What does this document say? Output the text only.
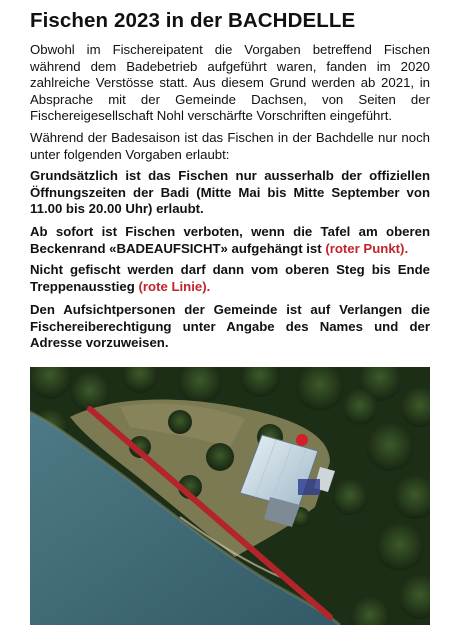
Fischen 2023 in der BACHDELLE

Obwohl im Fischereipatent die Vorgaben betreffend Fischen während dem Badebetrieb aufgeführt waren, fanden im 2020 zahlreiche Verstösse statt. Aus diesem Grund werden ab 2021, in Absprache mit der Gemeinde Dachsen, von Seiten der Fischereigesellschaft Nohl verschärfte Vorschriften eingeführt.

Während der Badesaison ist das Fischen in der Bachdelle nur noch unter folgenden Vorgaben erlaubt:

Grundsätzlich ist das Fischen nur ausserhalb der offiziellen Öffnungszeiten der Badi (Mitte Mai bis Mitte September von 11.00 bis 20.00 Uhr) erlaubt.

Ab sofort ist Fischen verboten, wenn die Tafel am oberen Beckenrand «BADEAUFSICHT» aufgehängt ist (roter Punkt).

Nicht gefischt werden darf dann vom oberen Steg bis Ende Treppenausstieg (rote Linie).

Den Aufsichtpersonen der Gemeinde ist auf Verlangen die Fischereiberechtigung unter Angabe des Names und der Adresse vorzuweisen.
